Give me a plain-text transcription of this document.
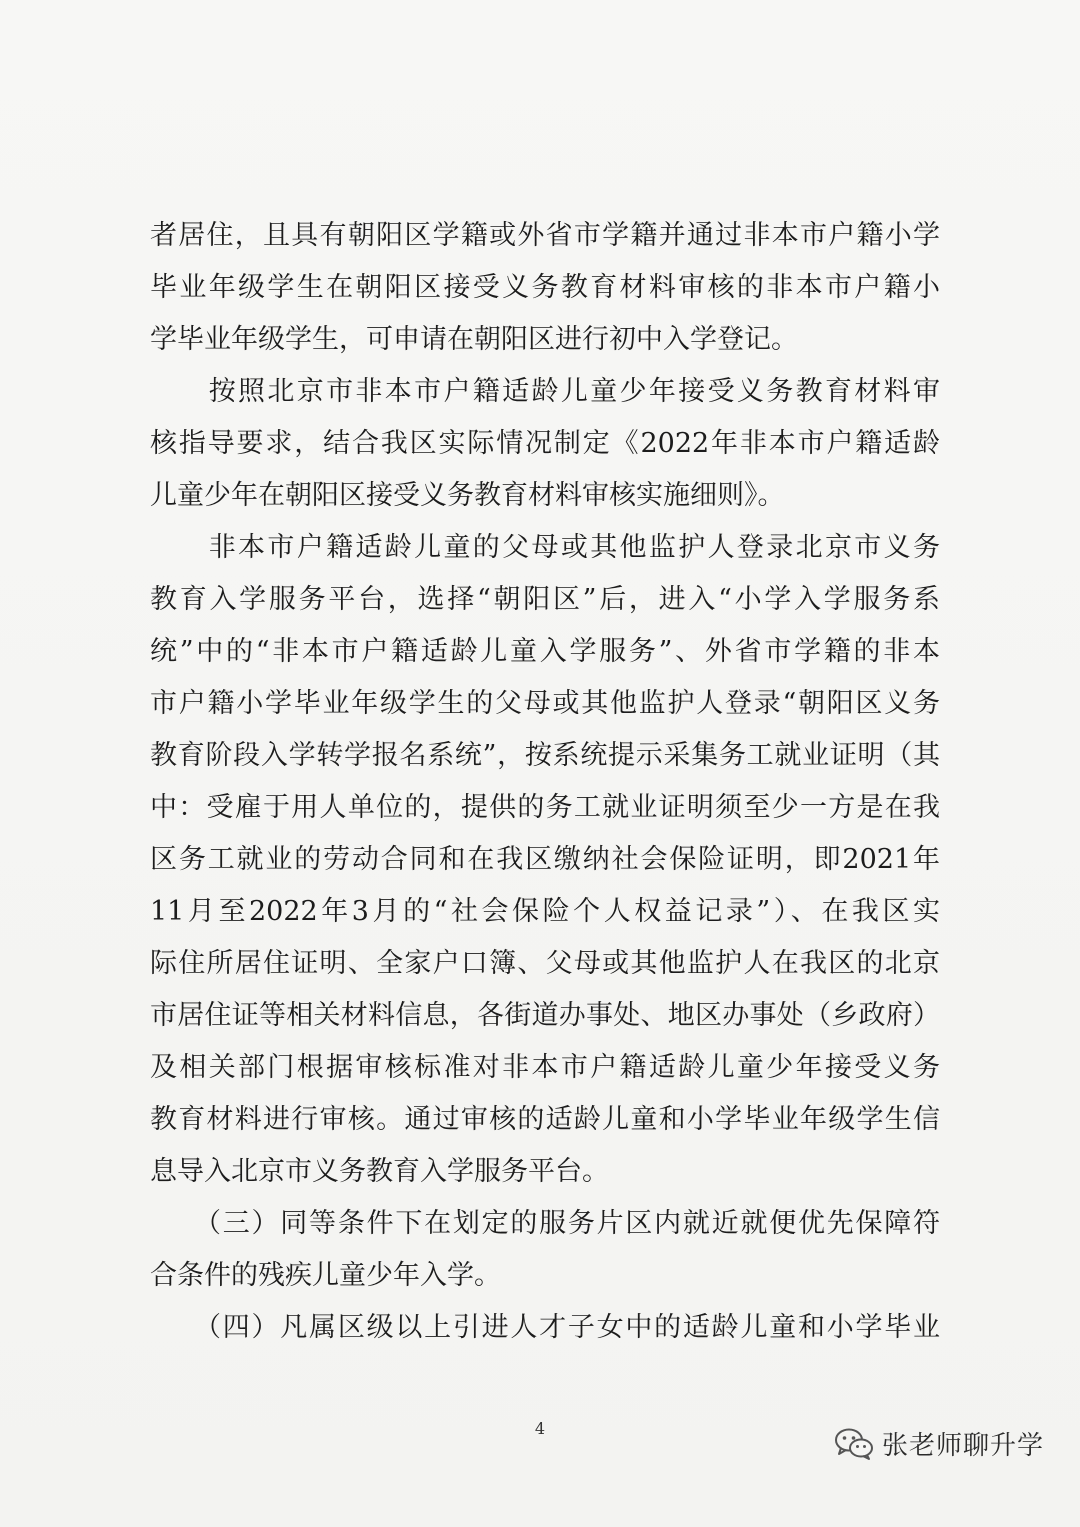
者居住，且具有朝阳区学籍或外省市学籍并通过非本市户籍小学
毕业年级学生在朝阳区接受义务教育材料审核的非本市户籍小
学毕业年级学生，可申请在朝阳区进行初中入学登记。
　　按照北京市非本市户籍适龄儿童少年接受义务教育材料审
核指导要求，结合我区实际情况制定《2022年非本市户籍适龄
儿童少年在朝阳区接受义务教育材料审核实施细则》。
　　非本市户籍适龄儿童的父母或其他监护人登录北京市义务
教育入学服务平台，选择“朝阳区”后，进入“小学入学服务系
统”中的“非本市户籍适龄儿童入学服务”、外省市学籍的非本
市户籍小学毕业年级学生的父母或其他监护人登录“朝阳区义务
教育阶段入学转学报名系统”，按系统提示采集务工就业证明（其
中：受雇于用人单位的，提供的务工就业证明须至少一方是在我
区务工就业的劳动合同和在我区缴纳社会保险证明，即2021年
11月至2022年3月的“社会保险个人权益记录”）、在我区实
际住所居住证明、全家户口簿、父母或其他监护人在我区的北京
市居住证等相关材料信息，各街道办事处、地区办事处（乡政府）
及相关部门根据审核标准对非本市户籍适龄儿童少年接受义务
教育材料进行审核。通过审核的适龄儿童和小学毕业年级学生信
息导入北京市义务教育入学服务平台。
　　（三）同等条件下在划定的服务片区内就近就便优先保障符
合条件的残疾儿童少年入学。
　　（四）凡属区级以上引进人才子女中的适龄儿童和小学毕业
4
张老师聊升学
